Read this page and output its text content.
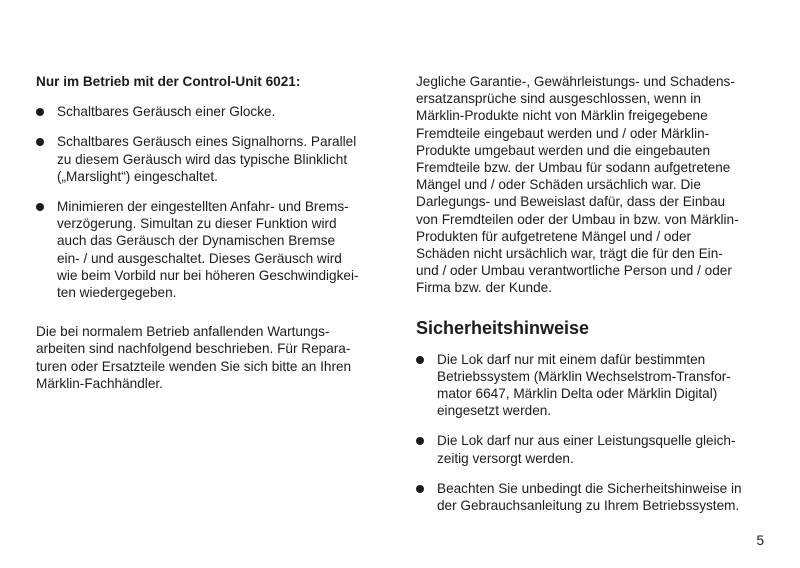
Nur im Betrieb mit der Control-Unit 6021:

Schaltbares Geräusch einer Glocke.

Schaltbares Geräusch eines Signalhorns. Parallel
zu diesem Geräusch wird das typische Blinklicht
(„Marslight“) eingeschaltet.

Minimieren der eingestellten Anfahr- und Brems-
verzögerung. Simultan zu dieser Funktion wird
auch das Geräusch der Dynamischen Bremse
ein- / und ausgeschaltet. Dieses Geräusch wird
wie beim Vorbild nur bei höheren Geschwindigkei-
ten wiedergegeben.

Die bei normalem Betrieb anfallenden Wartungs-
arbeiten sind nachfolgend beschrieben. Für Repara-
turen oder Ersatzteile wenden Sie sich bitte an Ihren
Märklin-Fachhändler.

Jegliche Garantie-, Gewährleistungs- und Schadens-
ersatzansprüche sind ausgeschlossen, wenn in
Märklin-Produkte nicht von Märklin freigegebene
Fremdteile eingebaut werden und / oder Märklin-
Produkte umgebaut werden und die eingebauten
Fremdteile bzw. der Umbau für sodann aufgetretene
Mängel und / oder Schäden ursächlich war. Die
Darlegungs- und Beweislast dafür, dass der Einbau
von Fremdteilen oder der Umbau in bzw. von Märklin-
Produkten für aufgetretene Mängel und / oder
Schäden nicht ursächlich war, trägt die für den Ein-
und / oder Umbau verantwortliche Person und / oder
Firma bzw. der Kunde.

Sicherheitshinweise

Die Lok darf nur mit einem dafür bestimmten
Betriebssystem (Märklin Wechselstrom-Transfor-
mator 6647, Märklin Delta oder Märklin Digital)
eingesetzt werden.

Die Lok darf nur aus einer Leistungsquelle gleich-
zeitig versorgt werden.

Beachten Sie unbedingt die Sicherheitshinweise in
der Gebrauchsanleitung zu Ihrem Betriebssystem.

5
